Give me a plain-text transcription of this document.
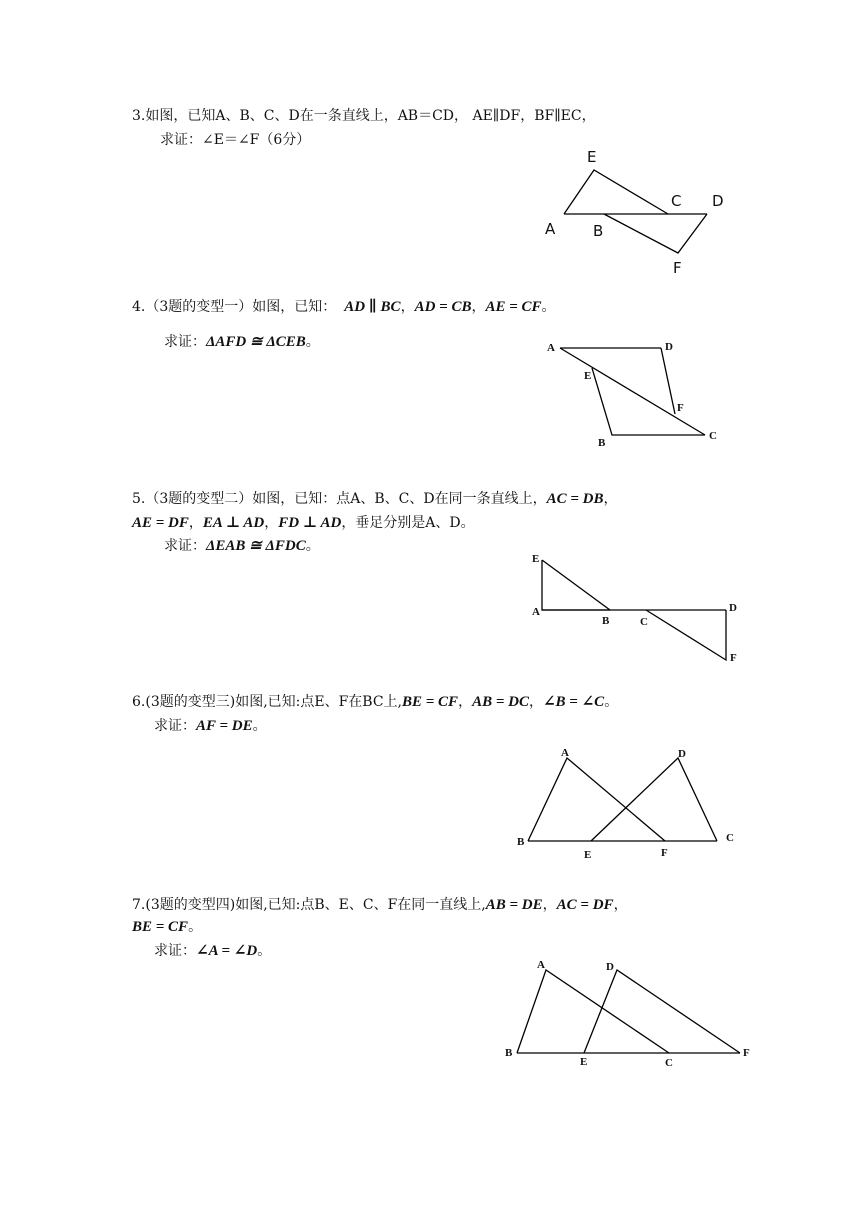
3.如图，已知A、B、C、D在一条直线上，AB＝CD， AE∥DF，BF∥EC，
求证：∠E＝∠F（6分）
E
C D
A	B
F
4.（3题的变型一）如图，已知： AD ∥ BC，AD = CB，AE = CF。
求证：ΔAFD ≅ ΔCEB。	A	D
E
F
B
C
5.（3题的变型二）如图，已知：点A、B、C、D在同一条直线上，AC = DB，
AE = DF，EA ⊥ AD，FD ⊥ AD，垂足分别是A、D。
求证：ΔEAB ≅ ΔFDC。
E
A
B	C
D
F
6.(3题的变型三)如图,已知:点E、F在BC上,BE = CF，AB = DC，∠B = ∠C。
求证：AF = DE。
A	D
B	C
E	F
7.(3题的变型四)如图,已知:点B、E、C、F在同一直线上,AB = DE，AC = DF，
BE = CF。
求证：∠A = ∠D。
A	D
B
E	C
F
